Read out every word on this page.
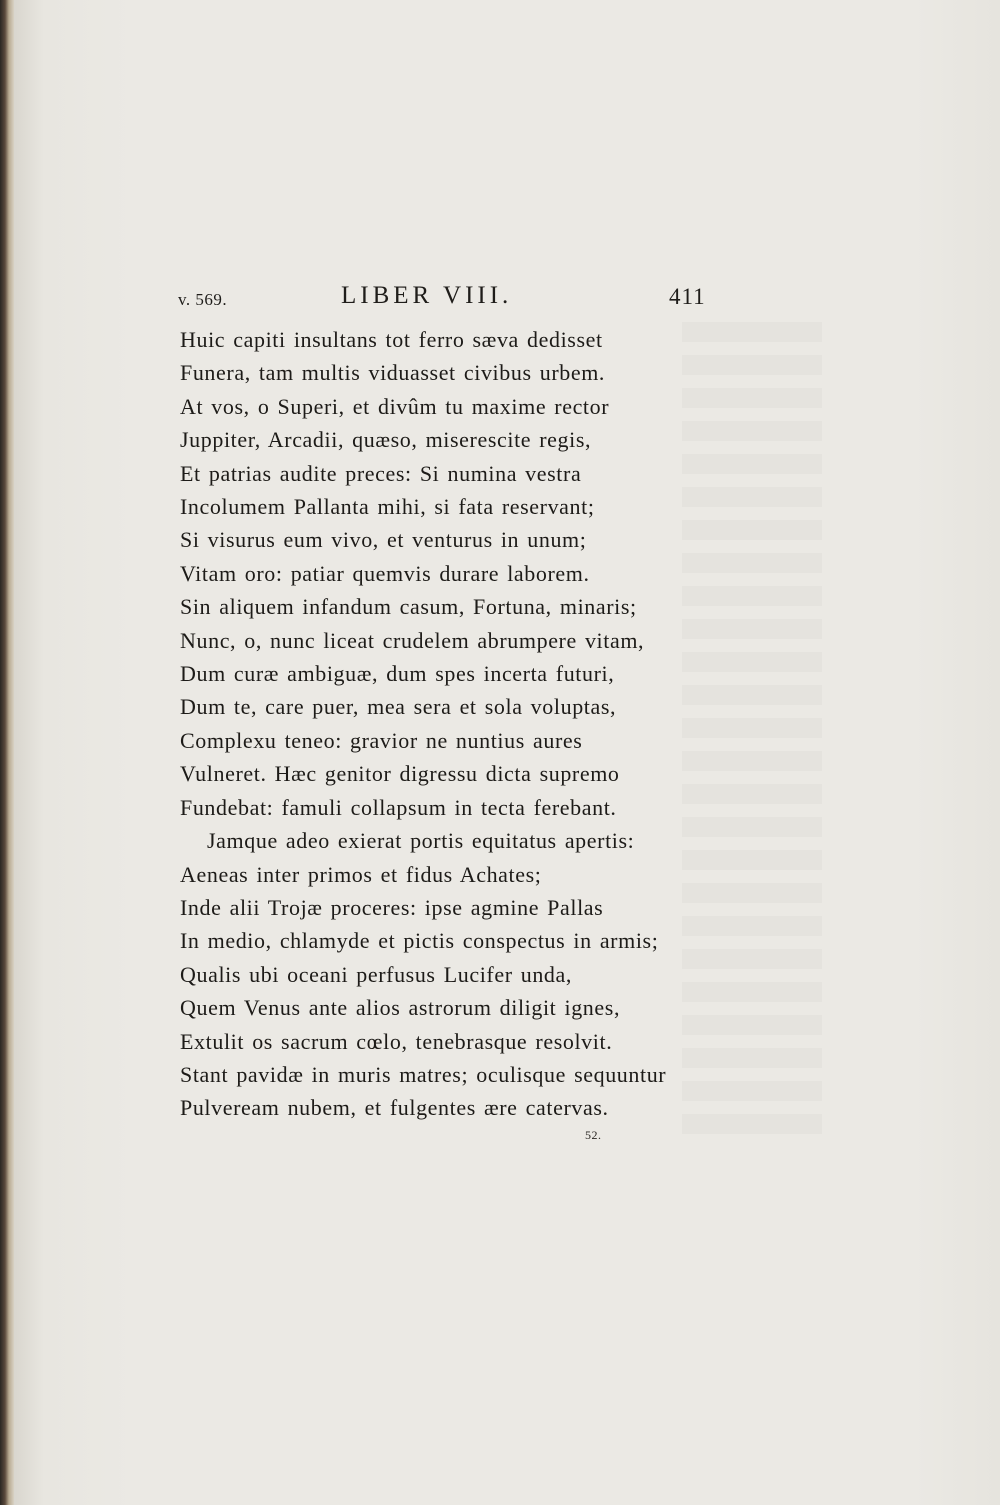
v. 569.	LIBER VIII.	411
Huic capiti insultans tot ferro sæva dedisset
Funera, tam multis viduasset civibus urbem.
At vos, o Superi, et divûm tu maxime rector
Juppiter, Arcadii, quæso, miserescite regis,
Et patrias audite preces: Si numina vestra
Incolumem Pallanta mihi, si fata reservant;
Si visurus eum vivo, et venturus in unum;
Vitam oro: patiar quemvis durare laborem.
Sin aliquem infandum casum, Fortuna, minaris;
Nunc, o, nunc liceat crudelem abrumpere vitam,
Dum curæ ambiguæ, dum spes incerta futuri,
Dum te, care puer, mea sera et sola voluptas,
Complexu teneo: gravior ne nuntius aures
Vulneret. Hæc genitor digressu dicta supremo
Fundebat: famuli collapsum in tecta ferebant.
Jamque adeo exierat portis equitatus apertis:
Aeneas inter primos et fidus Achates;
Inde alii Trojæ proceres: ipse agmine Pallas
In medio, chlamyde et pictis conspectus in armis;
Qualis ubi oceani perfusus Lucifer unda,
Quem Venus ante alios astrorum diligit ignes,
Extulit os sacrum cœlo, tenebrasque resolvit.
Stant pavidæ in muris matres; oculisque sequuntur
Pulveream nubem, et fulgentes ære catervas.
52.
